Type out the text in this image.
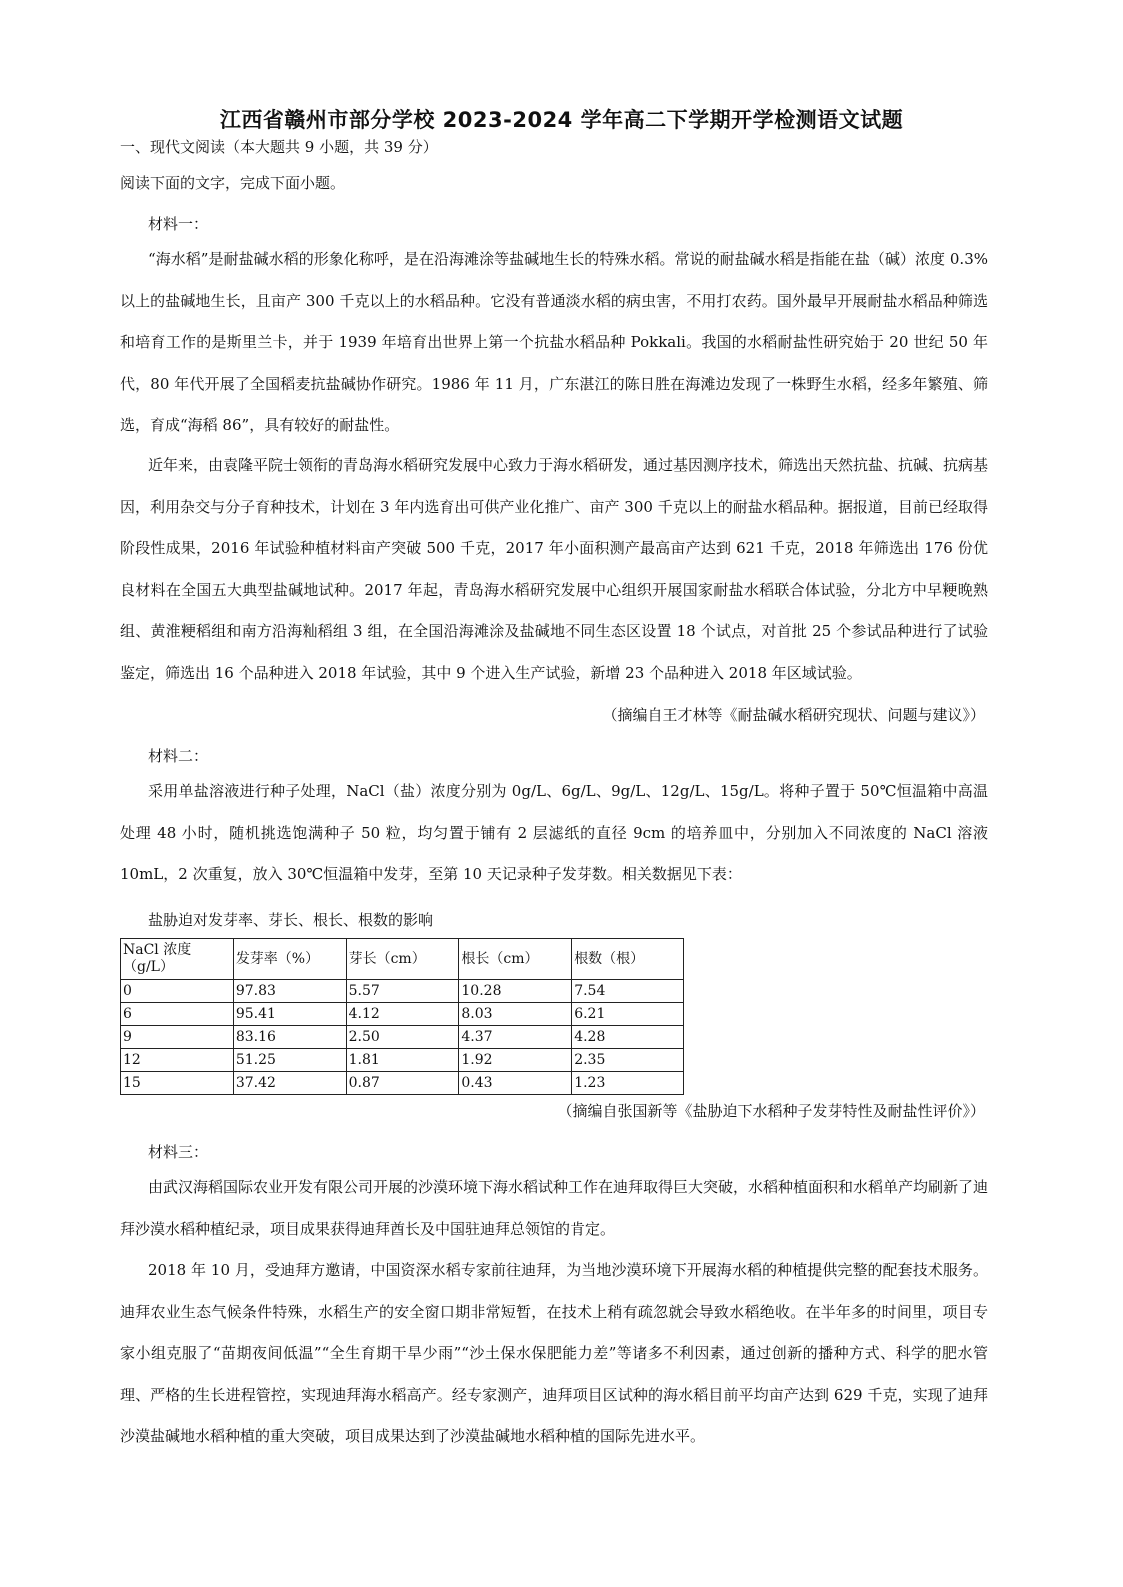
江西省赣州市部分学校 2023-2024 学年高二下学期开学检测语文试题
一、现代文阅读（本大题共 9 小题，共 39 分）
阅读下面的文字，完成下面小题。
材料一：
“海水稻”是耐盐碱水稻的形象化称呼，是在沿海滩涂等盐碱地生长的特殊水稻。常说的耐盐碱水稻是指能在盐（碱）浓度 0.3%以上的盐碱地生长，且亩产 300 千克以上的水稻品种。它没有普通淡水稻的病虫害，不用打农药。国外最早开展耐盐水稻品种筛选和培育工作的是斯里兰卡，并于 1939 年培育出世界上第一个抗盐水稻品种 Pokkali。我国的水稻耐盐性研究始于 20 世纪 50 年代，80 年代开展了全国稻麦抗盐碱协作研究。1986 年 11 月，广东湛江的陈日胜在海滩边发现了一株野生水稻，经多年繁殖、筛选，育成“海稻 86”，具有较好的耐盐性。
近年来，由袁隆平院士领衔的青岛海水稻研究发展中心致力于海水稻研发，通过基因测序技术，筛选出天然抗盐、抗碱、抗病基因，利用杂交与分子育种技术，计划在 3 年内选育出可供产业化推广、亩产 300 千克以上的耐盐水稻品种。据报道，目前已经取得阶段性成果，2016 年试验种植材料亩产突破 500 千克，2017 年小面积测产最高亩产达到 621 千克，2018 年筛选出 176 份优良材料在全国五大典型盐碱地试种。2017 年起，青岛海水稻研究发展中心组织开展国家耐盐水稻联合体试验，分北方中早粳晚熟组、黄淮粳稻组和南方沿海籼稻组 3 组，在全国沿海滩涂及盐碱地不同生态区设置 18 个试点，对首批 25 个参试品种进行了试验鉴定，筛选出 16 个品种进入 2018 年试验，其中 9 个进入生产试验，新增 23 个品种进入 2018 年区域试验。
（摘编自王才林等《耐盐碱水稻研究现状、问题与建议》）
材料二：
采用单盐溶液进行种子处理，NaCl（盐）浓度分别为 0g/L、6g/L、9g/L、12g/L、15g/L。将种子置于 50℃恒温箱中高温处理 48 小时，随机挑选饱满种子 50 粒，均匀置于铺有 2 层滤纸的直径 9cm 的培养皿中，分别加入不同浓度的 NaCl 溶液 10mL，2 次重复，放入 30℃恒温箱中发芽，至第 10 天记录种子发芽数。相关数据见下表：
盐胁迫对发芽率、芽长、根长、根数的影响
NaCl 浓度（g/L）	发芽率（%）	芽长（cm）	根长（cm）	根数（根）
0	97.83	5.57	10.28	7.54
6	95.41	4.12	8.03	6.21
9	83.16	2.50	4.37	4.28
12	51.25	1.81	1.92	2.35
15	37.42	0.87	0.43	1.23
（摘编自张国新等《盐胁迫下水稻种子发芽特性及耐盐性评价》）
材料三：
由武汉海稻国际农业开发有限公司开展的沙漠环境下海水稻试种工作在迪拜取得巨大突破，水稻种植面积和水稻单产均刷新了迪拜沙漠水稻种植纪录，项目成果获得迪拜酋长及中国驻迪拜总领馆的肯定。
2018 年 10 月，受迪拜方邀请，中国资深水稻专家前往迪拜，为当地沙漠环境下开展海水稻的种植提供完整的配套技术服务。迪拜农业生态气候条件特殊，水稻生产的安全窗口期非常短暂，在技术上稍有疏忽就会导致水稻绝收。在半年多的时间里，项目专家小组克服了“苗期夜间低温”“全生育期干旱少雨”“沙土保水保肥能力差”等诸多不利因素，通过创新的播种方式、科学的肥水管理、严格的生长进程管控，实现迪拜海水稻高产。经专家测产，迪拜项目区试种的海水稻目前平均亩产达到 629 千克，实现了迪拜沙漠盐碱地水稻种植的重大突破，项目成果达到了沙漠盐碱地水稻种植的国际先进水平。
